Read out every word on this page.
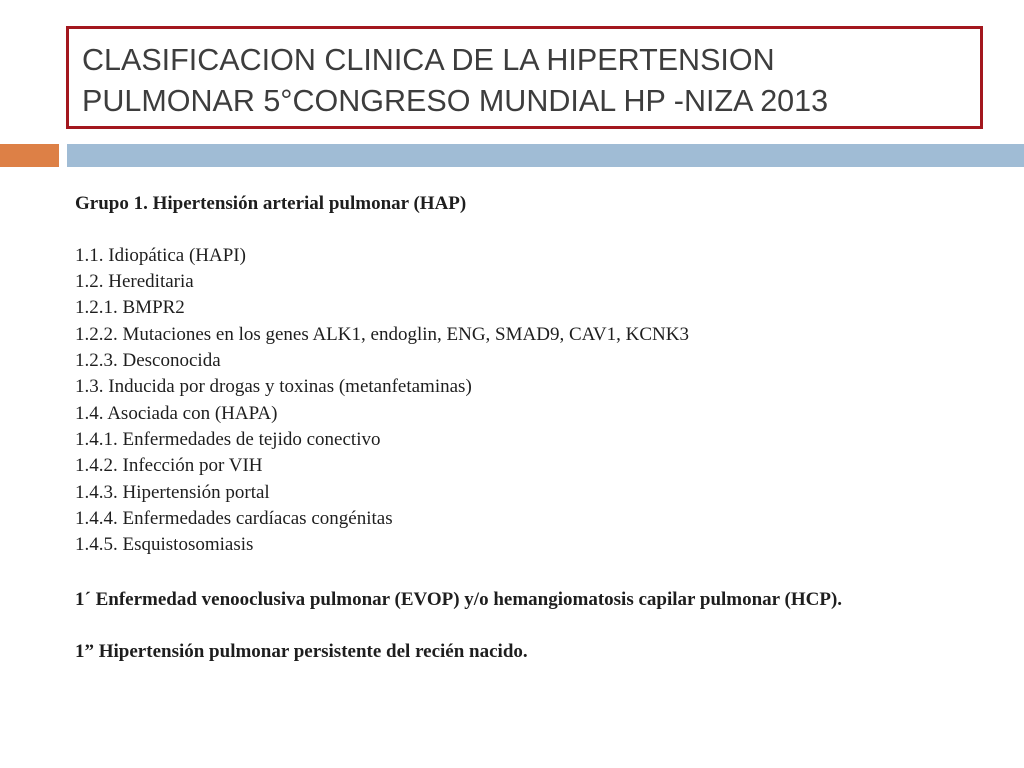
CLASIFICACION CLINICA DE LA HIPERTENSION
PULMONAR 5°CONGRESO MUNDIAL HP -NIZA 2013
Grupo 1. Hipertensión arterial pulmonar (HAP)
1.1. Idiopática (HAPI)
1.2. Hereditaria
1.2.1. BMPR2
1.2.2. Mutaciones en los genes ALK1, endoglin, ENG, SMAD9, CAV1, KCNK3
1.2.3. Desconocida
1.3. Inducida por drogas y toxinas (metanfetaminas)
1.4. Asociada con (HAPA)
1.4.1. Enfermedades de tejido conectivo
1.4.2. Infección por VIH
1.4.3. Hipertensión portal
1.4.4. Enfermedades cardíacas congénitas
1.4.5. Esquistosomiasis
1´ Enfermedad venooclusiva pulmonar (EVOP) y/o hemangiomatosis capilar pulmonar (HCP).
1” Hipertensión pulmonar persistente del recién nacido.
